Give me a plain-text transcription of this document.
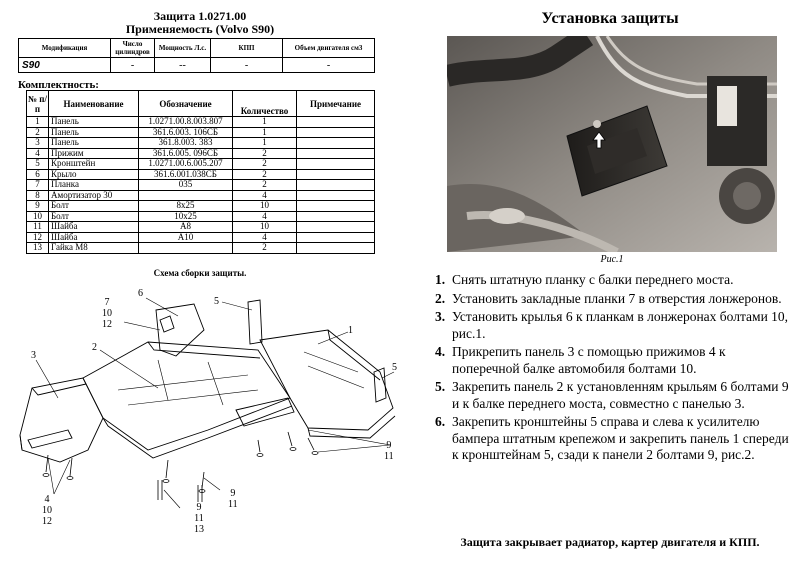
Защита 1.0271.00
Применяемость (Volvo S90)
Модификация	Число цилиндров	Мощность Л.с.	КПП	Объем двигателя см3
S90	-	--	-	-
Комплектность:
№ п/п	Наименование	Обозначение	Количество	Примечание
1	Панель	1.0271.00.8.003.807	1	
2	Панель	361.6.003. 106СБ	1	
3	Панель	361.8.003. 383	1	
4	Прижим	361.6.005. 096СБ	2	
5	Кронштейн	1.0271.00.6.005.207	2	
6	Крыло	361.6.001.038СБ	2	
7	Планка	035	2	
8	Амортизатор 30		4	
9	Болт	8х25	10	
10	Болт	10х25	4	
11	Шайба	А8	10	
12	Шайба	А10	4	
13	Гайка М8		2	
Схема сборки защиты.
7
10
12
6
5
1
3
2
5
9
11
4
10
12
9
11
9
11
13
Установка защиты
Рис.1
1. Снять штатную планку с балки переднего моста.
2. Установить закладные планки 7 в отверстия лонжеронов.
3. Установить крылья 6 к планкам в лонжеронах болтами 10, рис.1.
4. Прикрепить панель 3 с помощью прижимов 4 к поперечной балке автомобиля болтами 10.
5. Закрепить панель 2 к установленням крыльям 6 болтами 9 и к балке переднего моста, совместно с панелью 3.
6. Закрепить кронштейны 5 справа и слева к усилителю бамперa штатным крепежом и закрепить панель 1 спереди к кронштейнам 5, сзади к панели 2 болтами 9, рис.2.
Защита закрывает радиатор, картер двигателя и КПП.
